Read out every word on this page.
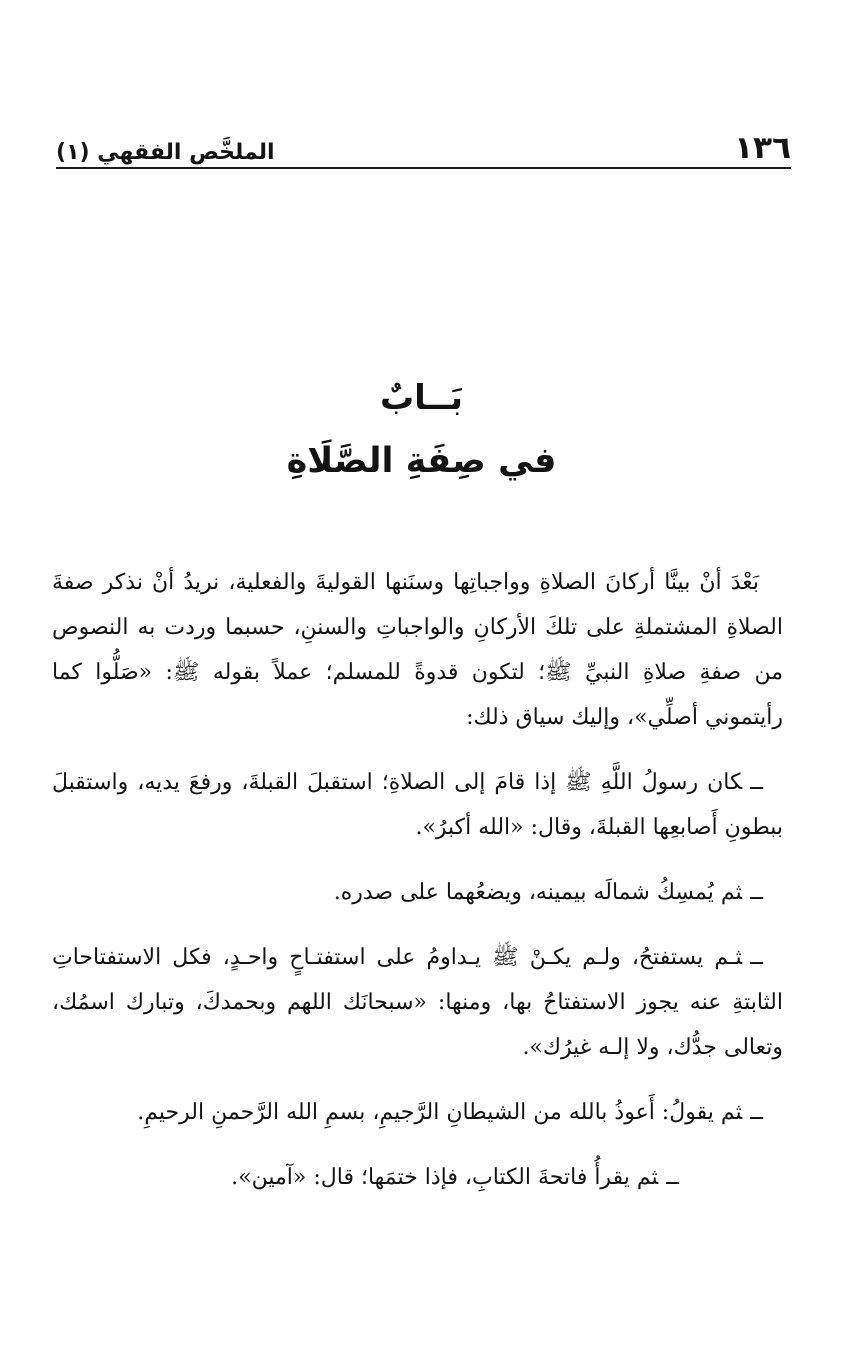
١٣٦
الملخَّص الفقهي (١)
بَــابٌ
في صِفَةِ الصَّلَاةِ

بَعْدَ أنْ بينَّا أركانَ الصلاةِ وواجباتِها وسنَنها القوليةَ والفعلية، نريدُ أنْ نذكر صفةَ الصلاةِ المشتملةِ على تلكَ الأركانِ والواجباتِ والسننِ، حسبما وردت به النصوص من صفةِ صلاةِ النبيِّ ﷺ؛ لتكون قدوةً للمسلم؛ عملاً بقوله ﷺ: «صَلُّوا كما رأيتموني أصلِّي»، وإليك سياق ذلك:

ــكان رسولُ اللَّهِ ﷺ إذا قامَ إلى الصلاةِ؛ استقبلَ القبلةَ، ورفعَ يديه، واستقبلَ ببطونِ أَصابعِها القبلةَ، وقال: «الله أكبرُ».

ــثم يُمسِكُ شمالَه بيمينه، ويضعُهما على صدره.

ــثـم يستفتحُ، ولـم يكـنْ ﷺ يـداومُ على استفتـاحٍ واحـدٍ، فكل الاستفتاحاتِ الثابتةِ عنه يجوز الاستفتاحُ بها، ومنها: «سبحانَك اللهم وبحمدكَ، وتبارك اسمُك، وتعالى جدُّك، ولا إلـه غيرُك».

ــثم يقولُ: أَعوذُ بالله من الشيطانِ الرَّجيمِ، بسمِ الله الرَّحمنِ الرحيمِ.

ــثم يقرأُ فاتحةَ الكتابِ، فإذا ختمَها؛ قال: «آمين».
